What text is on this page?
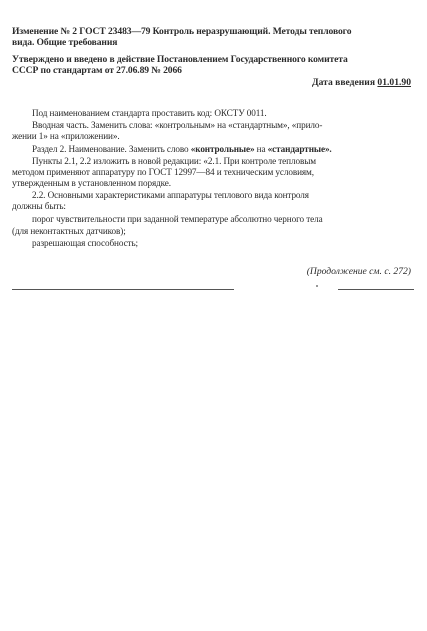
Изменение № 2 ГОСТ 23483—79 Контроль неразрушающий. Методы теплового

вида. Общие требования

Утверждено и введено в действие Постановлением Государственного комитета

СССР по стандартам от 27.06.89 № 2066

Дата введения 01.01.90
Под наименованием стандарта проставить код: ОКСТУ 0011.
Вводная часть. Заменить слова: «контрольным» на «стандартным», «прило-
жении 1» на «приложении».
Раздел 2. Наименование. Заменить слово «контрольные» на «стандартные».
Пункты 2.1, 2.2 изложить в новой редакции: «2.1. При контроле тепловым
методом применяют аппаратуру по ГОСТ 12997—84 и техническим условиям,
утвержденным в установленном порядке.
2.2. Основными характеристиками аппаратуры теплового вида контроля
должны быть:
порог чувствительности при заданной температуре абсолютно черного тела
(для неконтактных датчиков);
разрешающая способность;
(Продолжение см. с. 272)
